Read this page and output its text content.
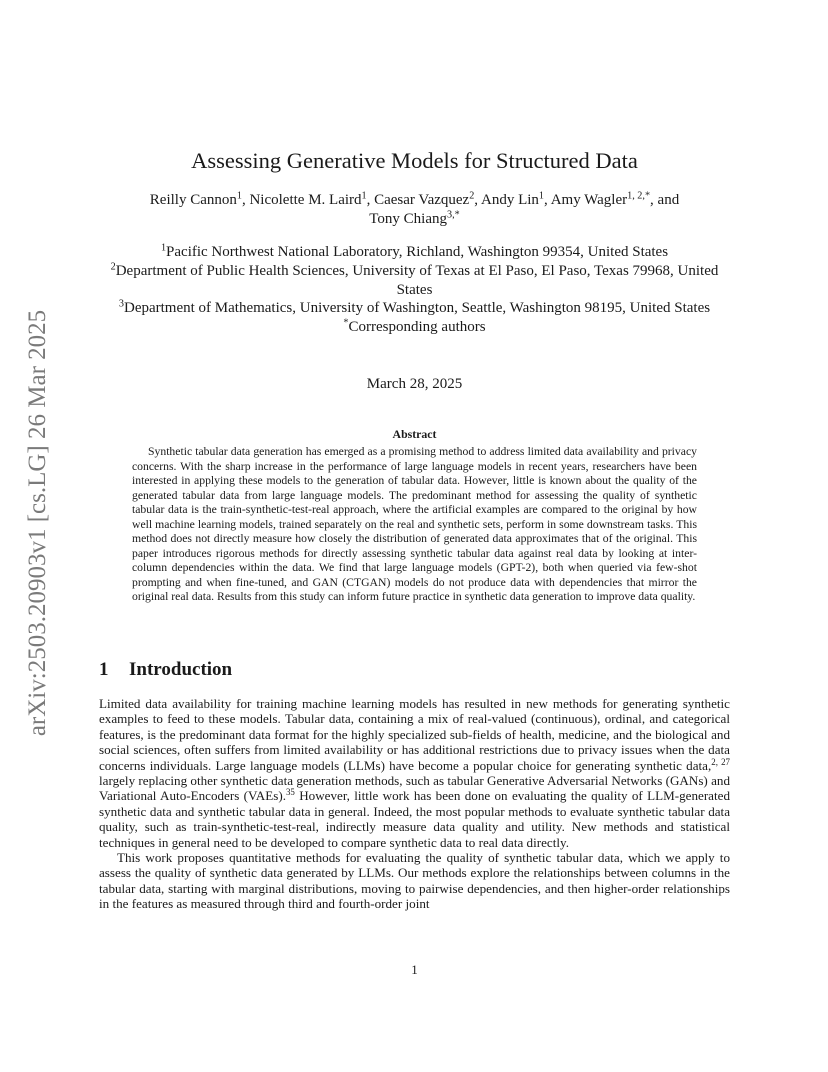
arXiv:2503.20903v1 [cs.LG] 26 Mar 2025
Assessing Generative Models for Structured Data
Reilly Cannon$^1$, Nicolette M. Laird$^1$, Caesar Vazquez$^2$, Andy Lin$^1$, Amy Wagler$^{1, 2,*}$, and
Tony Chiang$^{3,*}$
$^1$Pacific Northwest National Laboratory, Richland, Washington 99354, United States
$^2$Department of Public Health Sciences, University of Texas at El Paso, El Paso, Texas 79968, United States
$^3$Department of Mathematics, University of Washington, Seattle, Washington 98195, United States
*Corresponding authors
March 28, 2025
Abstract
Synthetic tabular data generation has emerged as a promising method to address limited data availability and privacy concerns. With the sharp increase in the performance of large language models in recent years, researchers have been interested in applying these models to the generation of tabular data. However, little is known about the quality of the generated tabular data from large language models. The predominant method for assessing the quality of synthetic tabular data is the train-synthetic-test-real approach, where the artificial examples are compared to the original by how well machine learning models, trained separately on the real and synthetic sets, perform in some downstream tasks. This method does not directly measure how closely the distribution of generated data approximates that of the original. This paper introduces rigorous methods for directly assessing synthetic tabular data against real data by looking at inter-column dependencies within the data. We find that large language models (GPT-2), both when queried via few-shot prompting and when fine-tuned, and GAN (CTGAN) models do not produce data with dependencies that mirror the original real data. Results from this study can inform future practice in synthetic data generation to improve data quality.
1 Introduction

Limited data availability for training machine learning models has resulted in new methods for generating synthetic examples to feed to these models. Tabular data, containing a mix of real-valued (continuous), ordinal, and categorical features, is the predominant data format for the highly specialized sub-fields of health, medicine, and the biological and social sciences, often suffers from limited availability or has additional restrictions due to privacy issues when the data concerns individuals. Large language models (LLMs) have become a popular choice for generating synthetic data,$^{2, 27}$ largely replacing other synthetic data generation methods, such as tabular Generative Adversarial Networks (GANs) and Variational Auto-Encoders (VAEs).$^{35}$ However, little work has been done on evaluating the quality of LLM-generated synthetic data and synthetic tabular data in general. Indeed, the most popular methods to evaluate synthetic tabular data quality, such as train-synthetic-test-real, indirectly measure data quality and utility. New methods and statistical techniques in general need to be developed to compare synthetic data to real data directly.

This work proposes quantitative methods for evaluating the quality of synthetic tabular data, which we apply to assess the quality of synthetic data generated by LLMs. Our methods explore the relationships between columns in the tabular data, starting with marginal distributions, moving to pairwise dependencies, and then higher-order relationships in the features as measured through third and fourth-order joint

1
